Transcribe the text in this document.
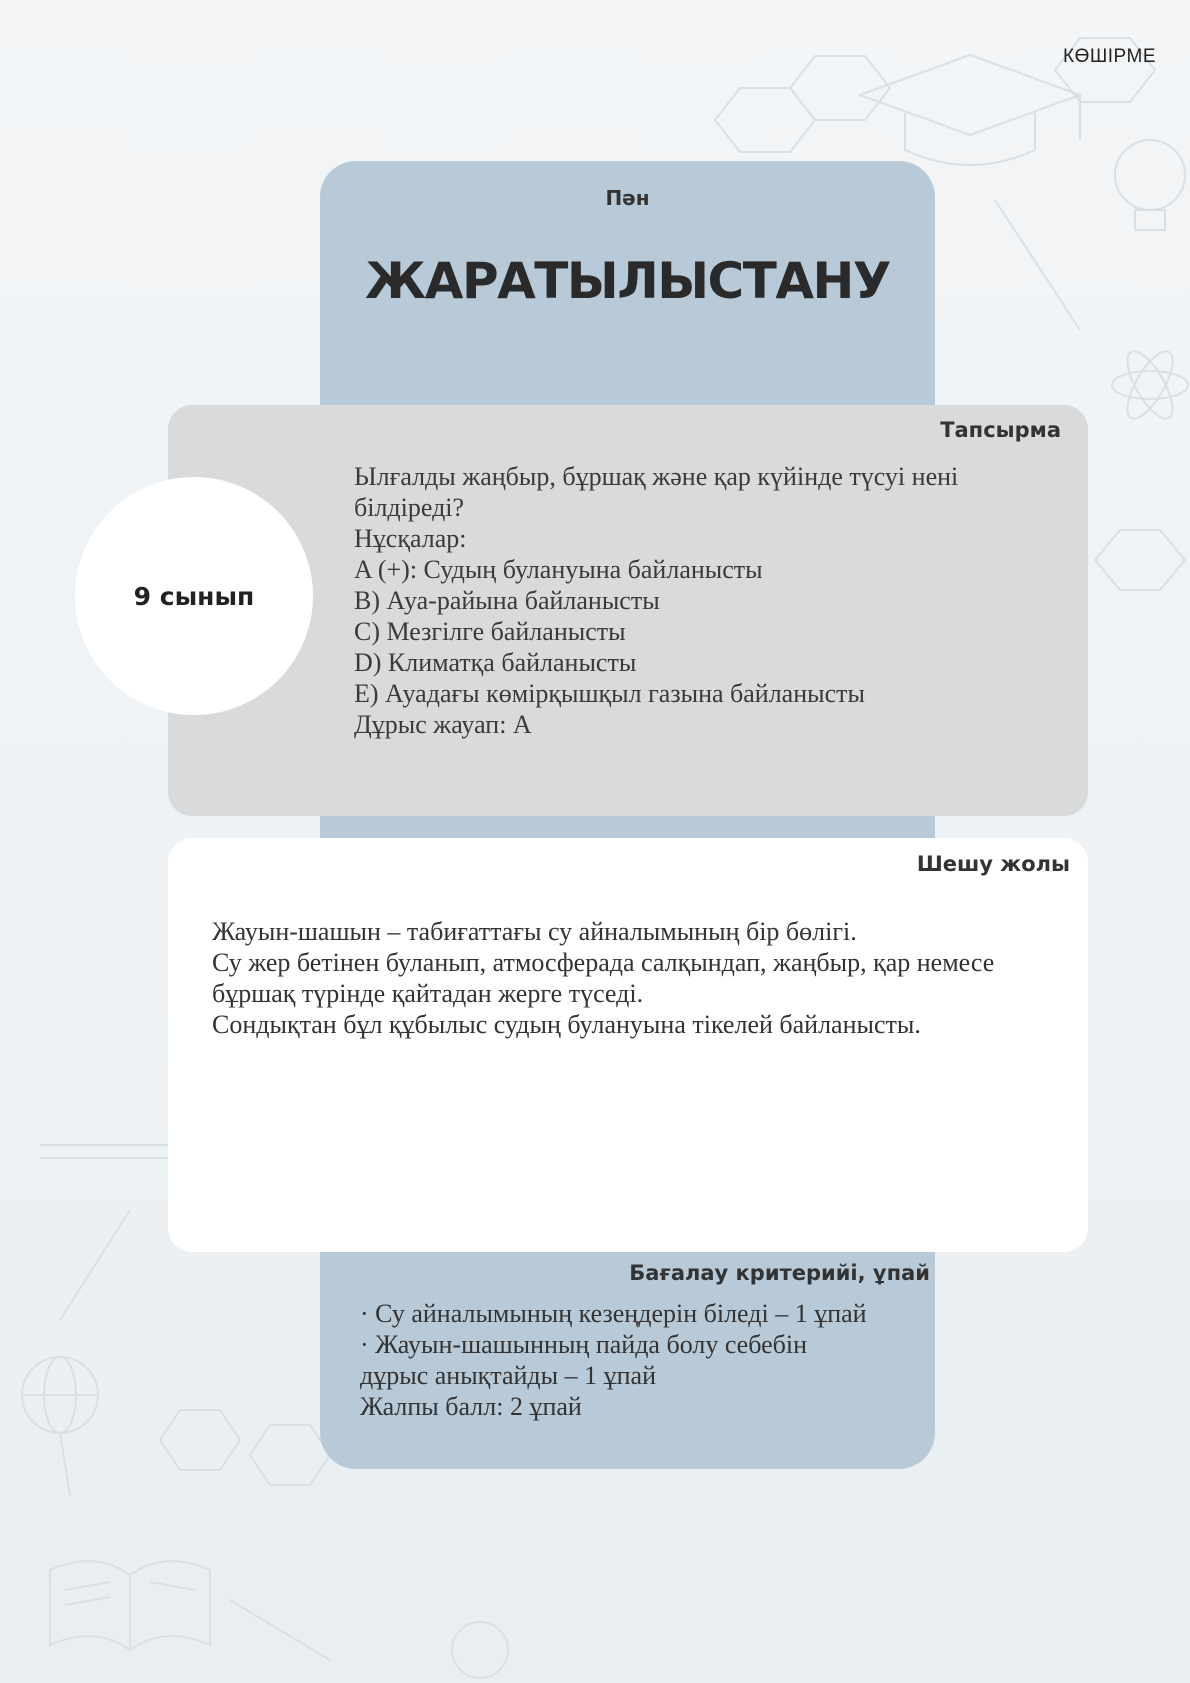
КӨШІРМЕ
Пән
ЖАРАТЫЛЫСТАНУ
Тапсырма
Ылғалды жаңбыр, бұршақ және қар күйінде түсуі нені
білдіреді?
Нұсқалар:
A (+): Судың булануына байланысты
B) Ауа-райына байланысты
C) Мезгілге байланысты
D) Климатқа байланысты
E) Ауадағы көмірқышқыл газына байланысты
Дұрыс жауап: А
9 сынып
Шешу жолы
Жауын-шашын – табиғаттағы су айналымының бір бөлігі.
Су жер бетінен буланып, атмосферада салқындап, жаңбыр, қар немесе
бұршақ түрінде қайтадан жерге түседі.
Сондықтан бұл құбылыс судың булануына тікелей байланысты.
Бағалау критерийі, ұпай
· Су айналымының кезеңдерін біледі – 1 ұпай
· Жауын-шашынның пайда болу себебін
дұрыс анықтайды – 1 ұпай
Жалпы балл: 2 ұпай
